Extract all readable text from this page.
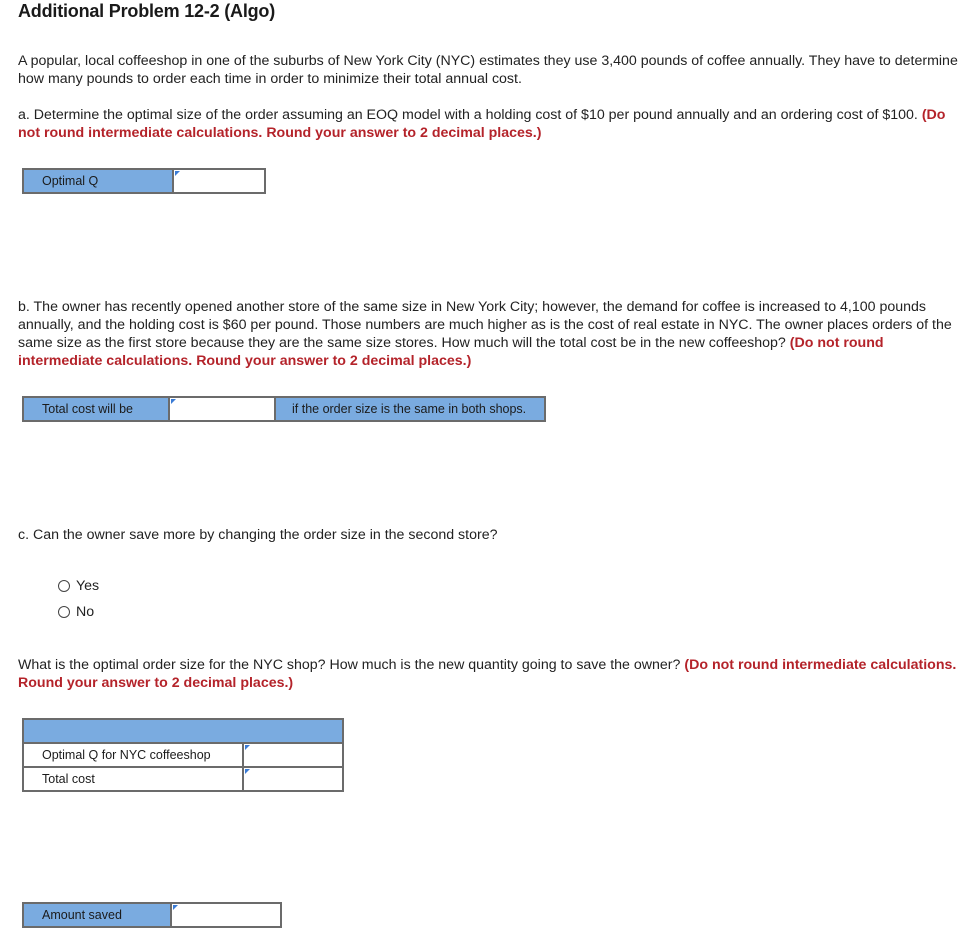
Additional Problem 12-2 (Algo)
A popular, local coffeeshop in one of the suburbs of New York City (NYC) estimates they use 3,400 pounds of coffee annually. They have to determine how many pounds to order each time in order to minimize their total annual cost.
a. Determine the optimal size of the order assuming an EOQ model with a holding cost of $10 per pound annually and an ordering cost of $100. (Do not round intermediate calculations. Round your answer to 2 decimal places.)
Optimal Q
b. The owner has recently opened another store of the same size in New York City; however, the demand for coffee is increased to 4,100 pounds annually, and the holding cost is $60 per pound. Those numbers are much higher as is the cost of real estate in NYC. The owner places orders of the same size as the first store because they are the same size stores. How much will the total cost be in the new coffeeshop? (Do not round intermediate calculations. Round your answer to 2 decimal places.)
Total cost will be	if the order size is the same in both shops.
c. Can the owner save more by changing the order size in the second store?
Yes
No
What is the optimal order size for the NYC shop? How much is the new quantity going to save the owner? (Do not round intermediate calculations. Round your answer to 2 decimal places.)
Optimal Q for NYC coffeeshop
Total cost
Amount saved
